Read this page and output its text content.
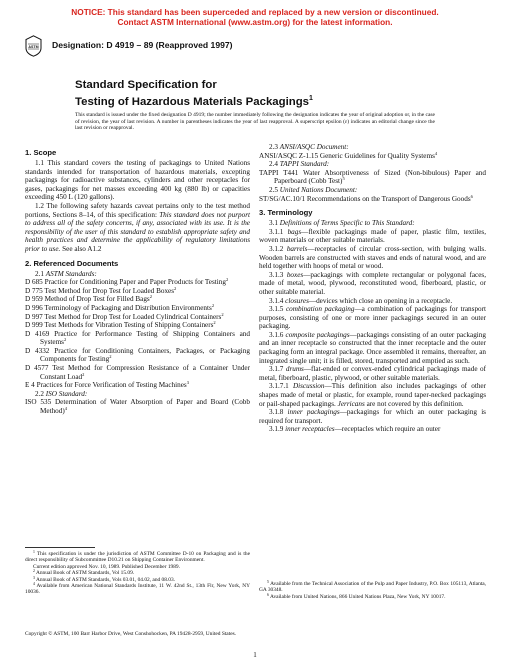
NOTICE: This standard has been superceded and replaced by a new version or discontinued.
Contact ASTM International (www.astm.org) for the latest information.
ASTM Designation: D 4919 – 89 (Reapproved 1997)
Standard Specification for
Testing of Hazardous Materials Packagings$^1$
This standard is issued under the fixed designation D 4919; the number immediately following the designation indicates the year of original adoption or, in the case of revision, the year of last revision. A number in parentheses indicates the year of last reapproval. A superscript epsilon (ε) indicates an editorial change since the last revision or reapproval.
1. Scope

1.1 This standard covers the testing of packagings to United Nations standards intended for transportation of hazardous materials, excepting packagings for radioactive substances, cylinders and other receptacles for gases, packagings for net masses exceeding 400 kg (880 lb) or capacities exceeding 450 L (120 gallons).

1.2 The following safety hazards caveat pertains only to the test method portions, Sections 8–14, of this specification: This standard does not purport to address all of the safety concerns, if any, associated with its use. It is the responsibility of the user of this standard to establish appropriate safety and health practices and determine the applicability of regulatory limitations prior to use. See also A1.2

2. Referenced Documents

2.1 ASTM Standards:

D 685 Practice for Conditioning Paper and Paper Products for Testing$^2$

D 775 Test Method for Drop Test for Loaded Boxes$^2$

D 959 Method of Drop Test for Filled Bags$^2$

D 996 Terminology of Packaging and Distribution Environments$^2$

D 997 Test Method for Drop Test for Loaded Cylindrical Containers$^2$

D 999 Test Methods for Vibration Testing of Shipping Containers$^2$

D 4169 Practice for Performance Testing of Shipping Containers and Systems$^2$

D 4332 Practice for Conditioning Containers, Packages, or Packaging Components for Testing$^2$

D 4577 Test Method for Compression Resistance of a Container Under Constant Load$^2$

E 4 Practices for Force Verification of Testing Machines$^3$

2.2 ISO Standard:

ISO 535 Determination of Water Absorption of Paper and Board (Cobb Method)$^4$

2.3 ANSI/ASQC Document:

ANSI/ASQC Z-1.15 Generic Guidelines for Quality Systems$^4$

2.4 TAPPI Standard:

TAPPI T441 Water Absorptiveness of Sized (Non-bibulous) Paper and Paperboard (Cobb Test)$^5$

2.5 United Nations Document:

ST/SG/AC.10/1 Recommendations on the Transport of Dangerous Goods$^6$

3. Terminology

3.1 Definitions of Terms Specific to This Standard:

3.1.1 bags—flexible packagings made of paper, plastic film, textiles, woven materials or other suitable materials.

3.1.2 barrels—receptacles of circular cross-section, with bulging walls. Wooden barrels are constructed with staves and ends of natural wood, and are held together with hoops of metal or wood.

3.1.3 boxes—packagings with complete rectangular or polygonal faces, made of metal, wood, plywood, reconstituted wood, fiberboard, plastic, or other suitable material.

3.1.4 closures—devices which close an opening in a receptacle.

3.1.5 combination packaging—a combination of packagings for transport purposes, consisting of one or more inner packagings secured in an outer packaging.

3.1.6 composite packagings—packagings consisting of an outer packaging and an inner receptacle so constructed that the inner receptacle and the outer packaging form an integral package. Once assembled it remains, thereafter, an integrated single unit; it is filled, stored, transported and emptied as such.

3.1.7 drums—flat-ended or convex-ended cylindrical packagings made of metal, fiberboard, plastic, plywood, or other suitable materials.

3.1.7.1 Discussion—This definition also includes packagings of other shapes made of metal or plastic, for example, round taper-necked packagings or pail-shaped packagings. Jerricans are not covered by this definition.

3.1.8 inner packagings—packagings for which an outer packaging is required for transport.

3.1.9 inner receptacles—receptacles which require an outer

$^1$ This specification is under the jurisdiction of ASTM Committee D-10 on Packaging and is the direct responsibility of Subcommittee D10.21 on Shipping Container Environment.

Current edition approved Nov. 10, 1989. Published December 1989.

$^2$ Annual Book of ASTM Standards, Vol 15.09.

$^3$ Annual Book of ASTM Standards, Vols 03.01, 04.02, and 08.03.

$^4$ Available from American National Standards Institute, 11 W. 42nd St., 13th Flr, New York, NY 10036.

$^5$ Available from the Technical Association of the Pulp and Paper Industry, P.O. Box 105113, Atlanta, GA 30348.

$^6$ Available from United Nations, 866 United Nations Plaza, New York, NY 10017.

Copyright © ASTM, 100 Barr Harbor Drive, West Conshohocken, PA 19428-2959, United States.
1
